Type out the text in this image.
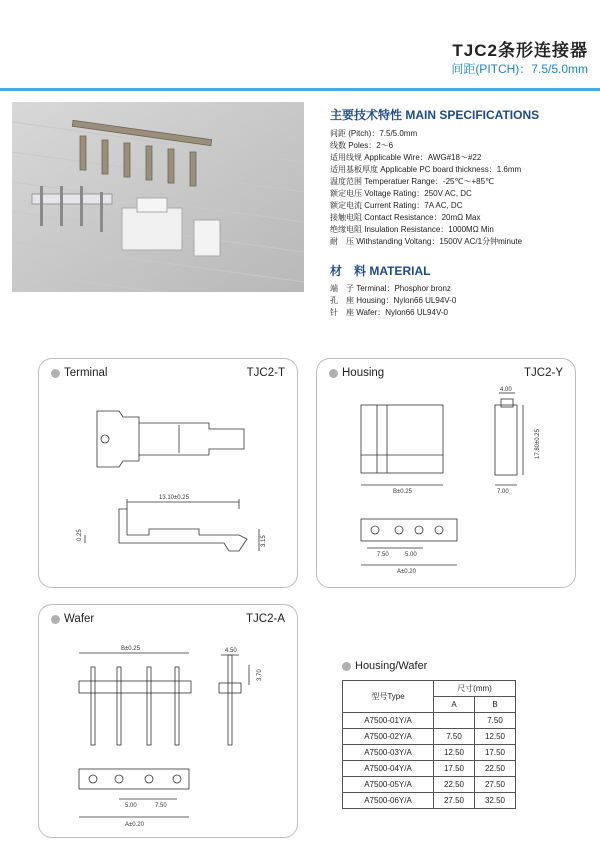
TJC2条形连接器
间距(PITCH)：7.5/5.0mm
主要技术特性 MAIN SPECIFICATIONS
间距 (Pitch)：7.5/5.0mm
线数 Poles：2～6
适用线规 Applicable Wire：AWG#18～#22
适用基板厚度 Applicable PC board thickness：1.6mm
温度范围 Temperatuer Range：-25℃～+85℃
额定电压 Voltage Rating：250V AC, DC
额定电流 Current Rating：7A AC, DC
接触电阻 Contact Resistance：20mΩ Max
绝缘电阻 Insulation Resistance：1000MΩ Min
耐　压 Withstanding Voltang：1500V AC/1分钟minute
材　料 MATERIAL
端　子 Terminal：Phosphor bronz
孔　座 Housing：Nylon66 UL94V-0
针　座 Wafer：Nylon66 UL94V-0
13.10±0.25
0.25
3.15
Terminal	TJC2-T
4.00
17.80±0.25
B±0.25	7.00
7.50	5.00
A±0.20
Housing	TJC2-Y
B±0.25	4.50
3.70
5.00	7.50
A±0.20
Wafer	TJC2-A
Housing/Wafer
型号Type	尺寸(mm)	
	A	B
A7500-01Y/A		7.50
A7500-02Y/A	7.50	12.50
A7500-03Y/A	12.50	17.50
A7500-04Y/A	17.50	22.50
A7500-05Y/A	22.50	27.50
A7500-06Y/A	27.50	32.50
